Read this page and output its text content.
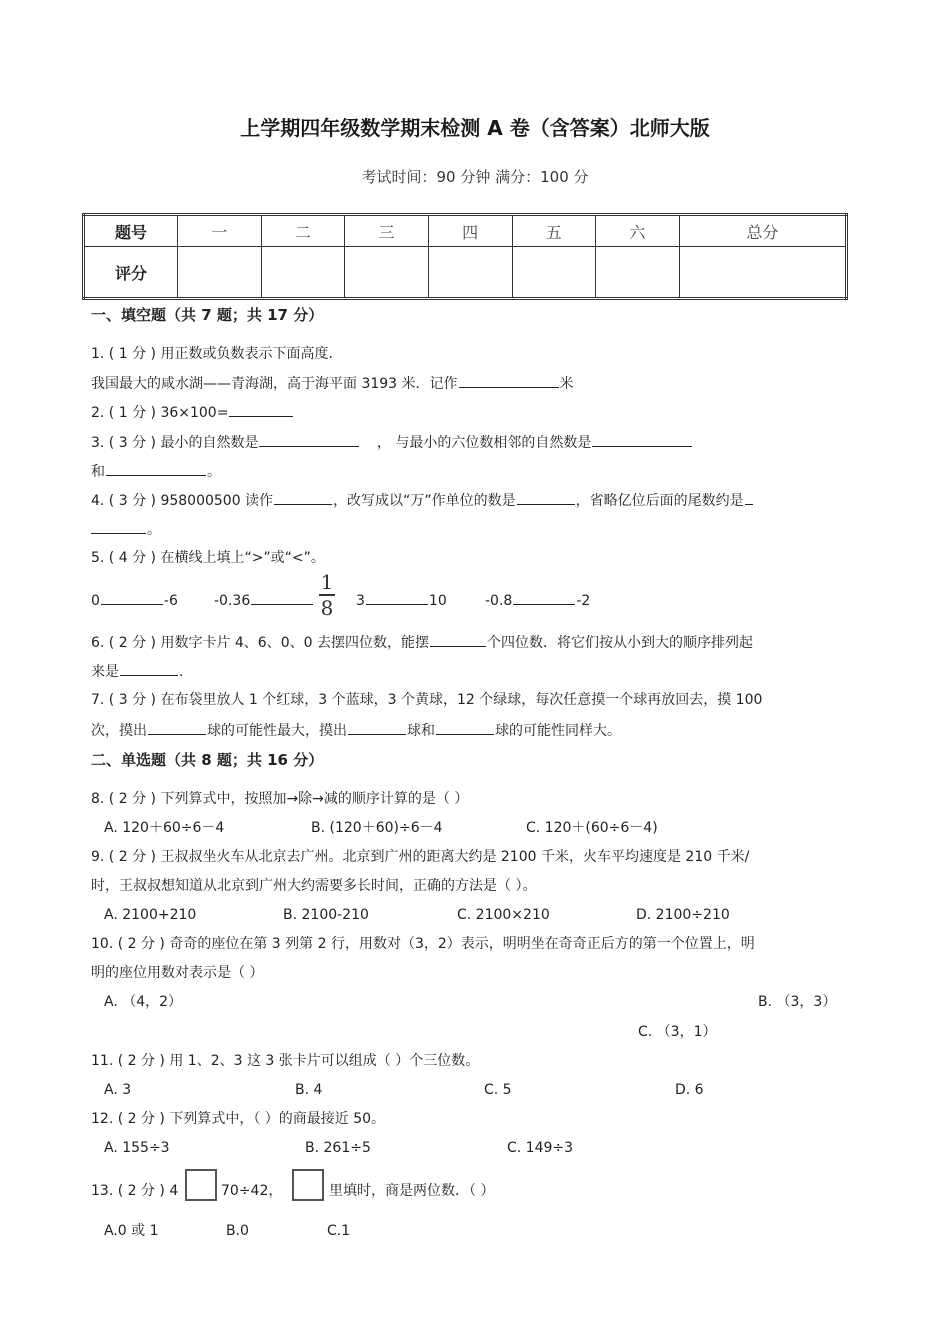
上学期四年级数学期末检测 A 卷（含答案）北师大版
考试时间：90 分钟 满分：100 分
题号	一	二	三	四	五	六	总分
评分							
一、填空题（共 7 题；共 17 分）
1. ( 1 分 ) 用正数或负数表示下面高度.
我国最大的咸水湖——青海湖，高于海平面 3193 米．记作	米
2. ( 1 分 ) 36×100=
3. ( 3 分 ) 最小的自然数是	， 与最小的六位数相邻的自然数是
和	。
4. ( 3 分 ) 958000500 读作	，改写成以“万”作单位的数是	，省略亿位后面的尾数约是
。
5. ( 4 分 ) 在横线上填上“>”或“<”。
0	-6	-0.36
1
8	3	10	-0.8	-2
6. ( 2 分 ) 用数字卡片 4、6、0、0 去摆四位数，能摆	个四位数．将它们按从小到大的顺序排列起
来是	.
7. ( 3 分 ) 在布袋里放人 1 个红球，3 个蓝球，3 个黄球，12 个绿球，每次任意摸一个球再放回去，摸 100
次，摸出	球的可能性最大，摸出	球和	球的可能性同样大。
二、单选题（共 8 题；共 16 分）
8. ( 2 分 ) 下列算式中，按照加→除→减的顺序计算的是（ ）
A. 120＋60÷6－4	B. (120＋60)÷6－4	C. 120＋(60÷6－4)
9. ( 2 分 ) 王叔叔坐火车从北京去广州。北京到广州的距离大约是 2100 千米，火车平均速度是 210 千米/
时，王叔叔想知道从北京到广州大约需要多长时间，正确的方法是（ ）。
A. 2100+210	B. 2100-210	C. 2100×210	D. 2100÷210
10. ( 2 分 ) 奇奇的座位在第 3 列第 2 行，用数对（3，2）表示，明明坐在奇奇正后方的第一个位置上，明
明的座位用数对表示是（ ）
A. （4，2）	B. （3，3）
C. （3，1）
11. ( 2 分 ) 用 1、2、3 这 3 张卡片可以组成（ ）个三位数。
A. 3	B. 4	C. 5	D. 6
12. ( 2 分 ) 下列算式中，（ ）的商最接近 50。
A. 155÷3	B. 261÷5	C. 149÷3
13. ( 2 分 ) 4	70÷42，	里填时，商是两位数．（ ）
A.0 或 1	B.0	C.1
